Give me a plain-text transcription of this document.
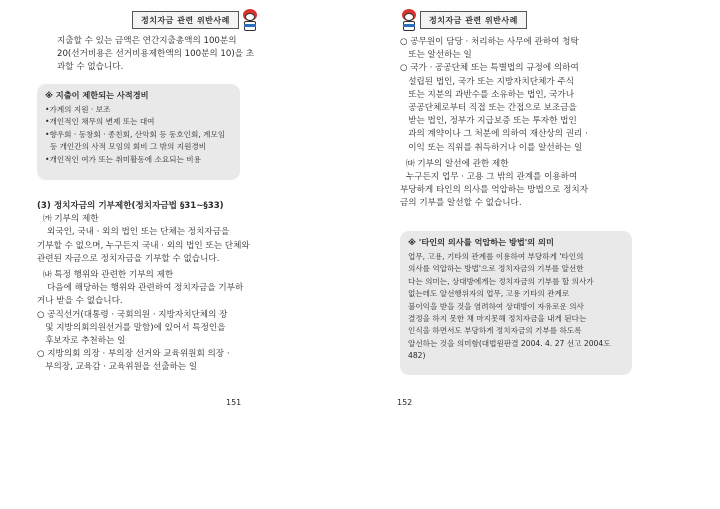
정치자금 관련 위반사례

지출할 수 있는 금액은 연간지출총액의 100분의

20(선거비용은 선거비용제한액의 100분의 10)을 초

과할 수 없습니다.

※ 지출이 제한되는 사적경비
•가계의 지원 · 보조
•개인적인 채무의 변제 또는 대여
•향우회 · 동창회 · 종친회, 산악회 등 동호인회, 계모임
등 개인간의 사적 모임의 회비 그 밖의 지원경비
•개인적인 여가 또는 취미활동에 소요되는 비용

(3) 정치자금의 기부제한(정치자금법 §31~§33)

㈎ 기부의 제한

외국인, 국내 · 외의 법인 또는 단체는 정치자금을

기부할 수 없으며, 누구든지 국내 · 외의 법인 또는 단체와

관련된 자금으로 정치자금을 기부할 수 없습니다.

㈏ 특정 행위와 관련한 기부의 제한

다음에 해당하는 행위와 관련하여 정치자금을 기부하

거나 받을 수 없습니다.

○ 공직선거(대통령 · 국회의원 · 지방자치단체의 장

및 지방의회의원선거를 말함)에 있어서 특정인을

후보자로 추천하는 일

○ 지방의회 의장 · 부의장 선거와 교육위원회 의장 ·

부의장, 교육감 · 교육위원을 선출하는 일

151
정치자금 관련 위반사례

○ 공무원이 담당 · 처리하는 사무에 관하여 청탁

또는 알선하는 일

○ 국가 · 공공단체 또는 특별법의 규정에 의하여

설립된 법인, 국가 또는 지방자치단체가 주식

또는 지분의 과반수를 소유하는 법인, 국가나

공공단체로부터 직접 또는 간접으로 보조금을

받는 법인, 정부가 지급보증 또는 투자한 법인

과의 계약이나 그 처분에 의하여 재산상의 권리 ·

이익 또는 직위를 취득하거나 이를 알선하는 일

㈐ 기부의 알선에 관한 제한

누구든지 업무 · 고용 그 밖의 관계를 이용하여

부당하게 타인의 의사를 억압하는 방법으로 정치자

금의 기부를 알선할 수 없습니다.

※ '타인의 의사를 억압하는 방법'의 의미
업무, 고용, 기타의 관계를 이용하여 부당하게 '타인의
의사를 억압하는 방법'으로 정치자금의 기부를 알선한
다는 의미는, 상대방에게는 정치자금의 기부를 할 의사가
없는데도 알선행위자의 업무, 고용 기타의 관계로
불이익을 받을 것을 염려하여 상대방이 자유로운 의사
결정을 하지 못한 채 마지못해 정치자금을 내게 된다는
인식을 하면서도 부당하게 정치자금의 기부를 하도록
알선하는 것을 의미함(대법원판결 2004. 4. 27 선고 2004도
482)
152
